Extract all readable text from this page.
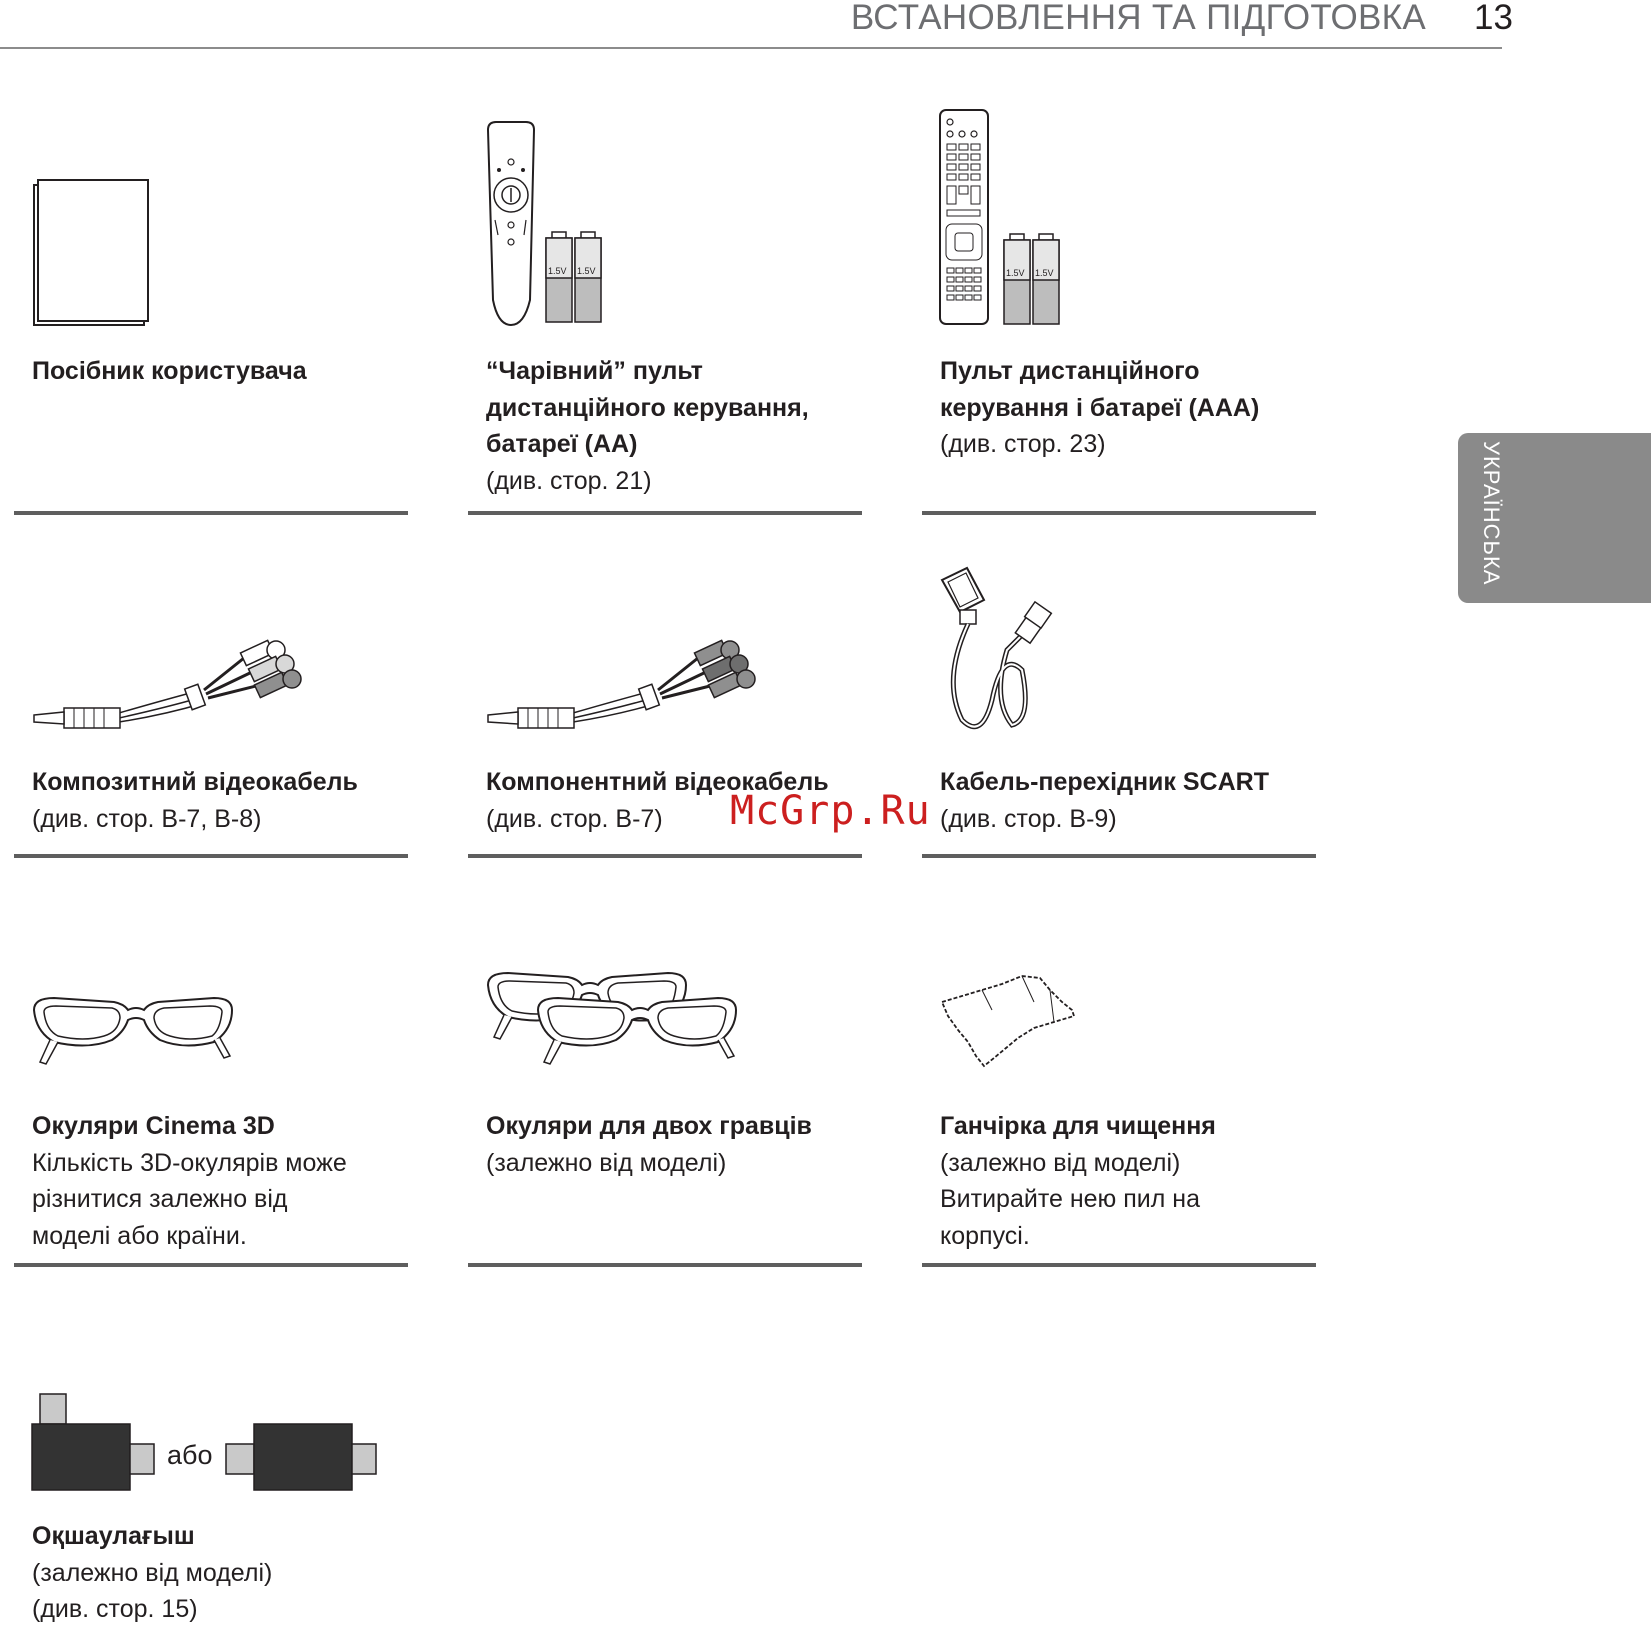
ВСТАНОВЛЕННЯ ТА ПІДГОТОВКА 13
УКРАЇНСЬКА
Посібник користувача
1.5V 1.5V
“Чарівний” пульт дистанційного керування, батареї (AA)
(див. стор. 21)
1.5V 1.5V
Пульт дистанційного керування і батареї (AAA)
(див. стор. 23)
Композитний відеокабель
(див. стор. B-7, B-8)
Компонентний відеокабель
(див. стор. B-7)
Кабель-перехідник SCART
(див. стор. B-9)
McGrp.Ru
Окуляри Cinema 3D
Кількість 3D-окулярів може
різнитися залежно від
моделі або країни.
Окуляри для двох гравців
(залежно від моделі)
Ганчірка для чищення
(залежно від моделі)
Витирайте нею пил на
корпусі.
або
Оқшаулағыш
(залежно від моделі)
(див. стор. 15)
